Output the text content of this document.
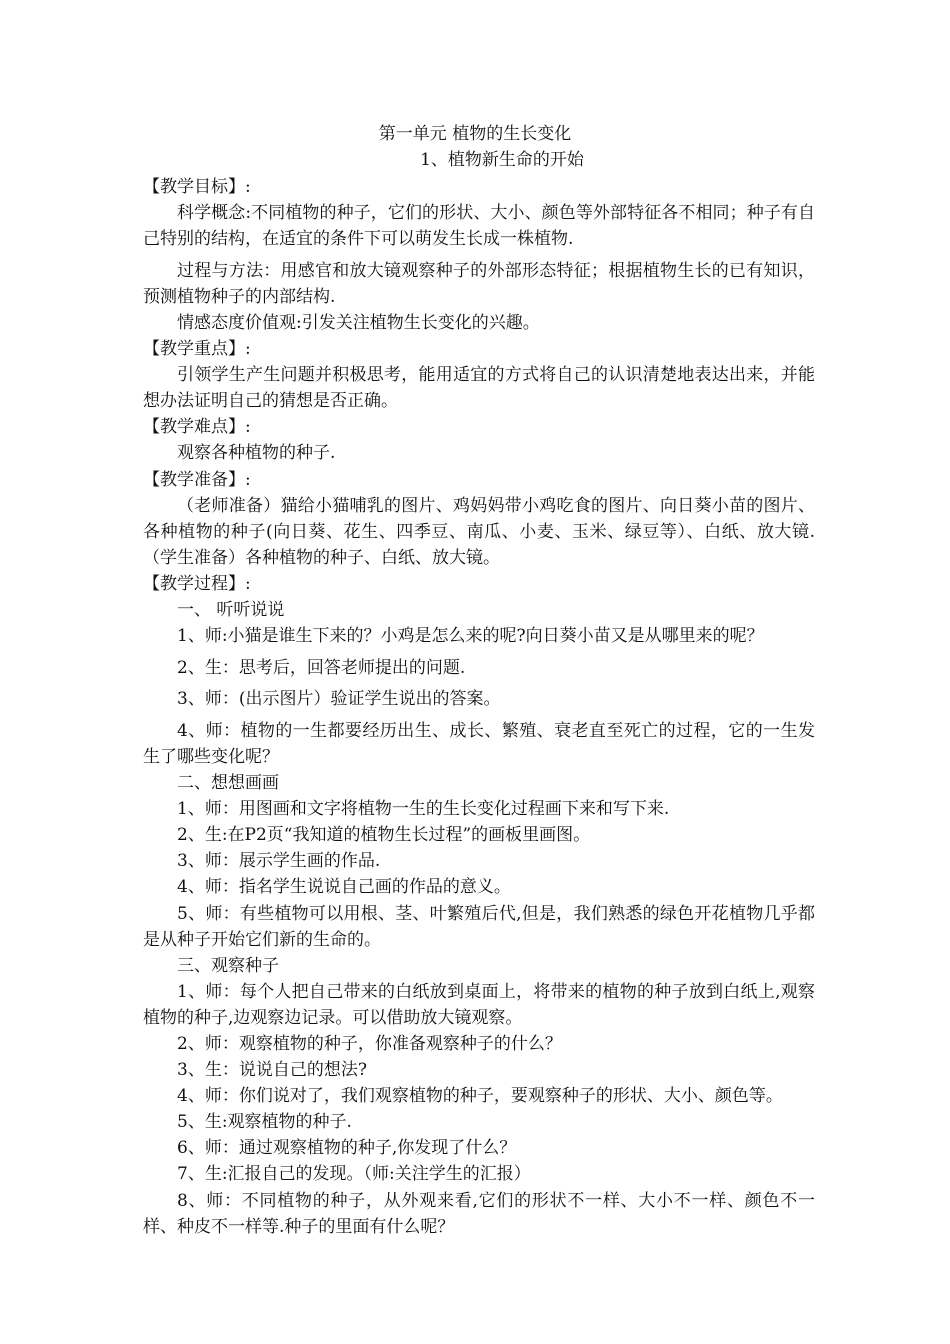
第一单元 植物的生长变化
1、植物新生命的开始
【教学目标】:

科学概念:不同植物的种子，它们的形状、大小、颜色等外部特征各不相同；种子有自己特别的结构，在适宜的条件下可以萌发生长成一株植物.

过程与方法：用感官和放大镜观察种子的外部形态特征；根据植物生长的已有知识，预测植物种子的内部结构.

情感态度价值观:引发关注植物生长变化的兴趣。

【教学重点】:

引领学生产生问题并积极思考，能用适宜的方式将自己的认识清楚地表达出来，并能想办法证明自己的猜想是否正确。

【教学难点】:

观察各种植物的种子.

【教学准备】:

（老师准备）猫给小猫哺乳的图片、鸡妈妈带小鸡吃食的图片、向日葵小苗的图片、各种植物的种子(向日葵、花生、四季豆、南瓜、小麦、玉米、绿豆等）、白纸、放大镜.（学生准备）各种植物的种子、白纸、放大镜。

【教学过程】:

一、 听听说说

1、师:小猫是谁生下来的？小鸡是怎么来的呢?向日葵小苗又是从哪里来的呢？

2、生：思考后，回答老师提出的问题.

3、师：(出示图片）验证学生说出的答案。

4、师：植物的一生都要经历出生、成长、繁殖、衰老直至死亡的过程，它的一生发生了哪些变化呢？

二、想想画画

1、师：用图画和文字将植物一生的生长变化过程画下来和写下来.

2、生:在P2页“我知道的植物生长过程”的画板里画图。

3、师：展示学生画的作品.

4、师：指名学生说说自己画的作品的意义。

5、师：有些植物可以用根、茎、叶繁殖后代,但是，我们熟悉的绿色开花植物几乎都是从种子开始它们新的生命的。

三、观察种子

1、师：每个人把自己带来的白纸放到桌面上，将带来的植物的种子放到白纸上,观察植物的种子,边观察边记录。可以借助放大镜观察。

2、师：观察植物的种子，你准备观察种子的什么？

3、生：说说自己的想法?

4、师：你们说对了，我们观察植物的种子，要观察种子的形状、大小、颜色等。

5、生:观察植物的种子.

6、师：通过观察植物的种子,你发现了什么？

7、生:汇报自己的发现。（师:关注学生的汇报）

8、师：不同植物的种子，从外观来看,它们的形状不一样、大小不一样、颜色不一样、种皮不一样等.种子的里面有什么呢？
